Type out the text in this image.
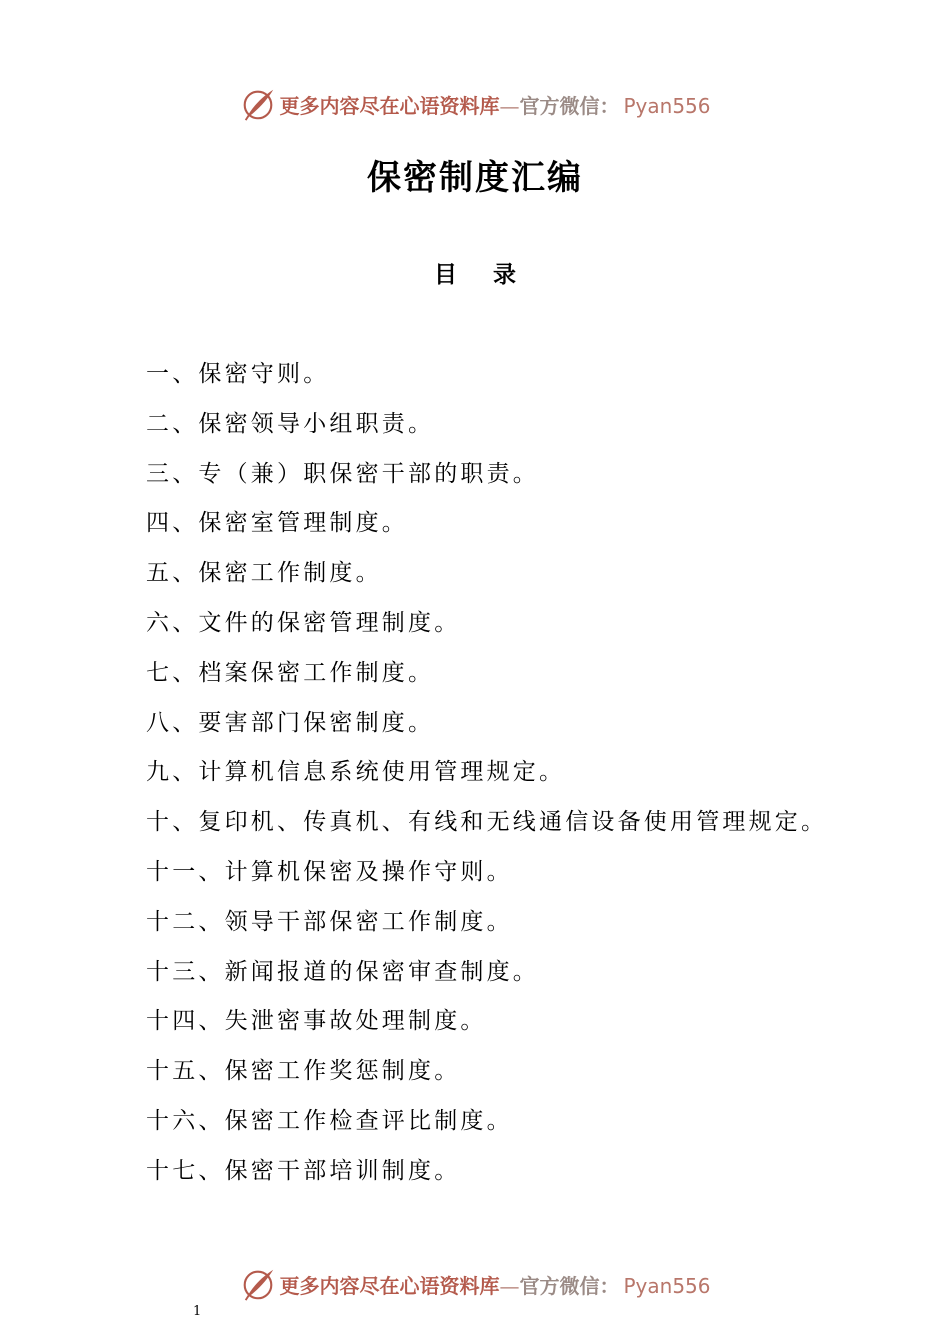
更多内容尽在心语资料库—官方微信： Pyan556
保密制度汇编
目录
一、保密守则。
二、保密领导小组职责。
三、专（兼）职保密干部的职责。
四、保密室管理制度。
五、保密工作制度。
六、文件的保密管理制度。
七、档案保密工作制度。
八、要害部门保密制度。
九、计算机信息系统使用管理规定。
十、复印机、传真机、有线和无线通信设备使用管理规定。
十一、计算机保密及操作守则。
十二、领导干部保密工作制度。
十三、新闻报道的保密审查制度。
十四、失泄密事故处理制度。
十五、保密工作奖惩制度。
十六、保密工作检查评比制度。
十七、保密干部培训制度。
更多内容尽在心语资料库—官方微信： Pyan556
1
